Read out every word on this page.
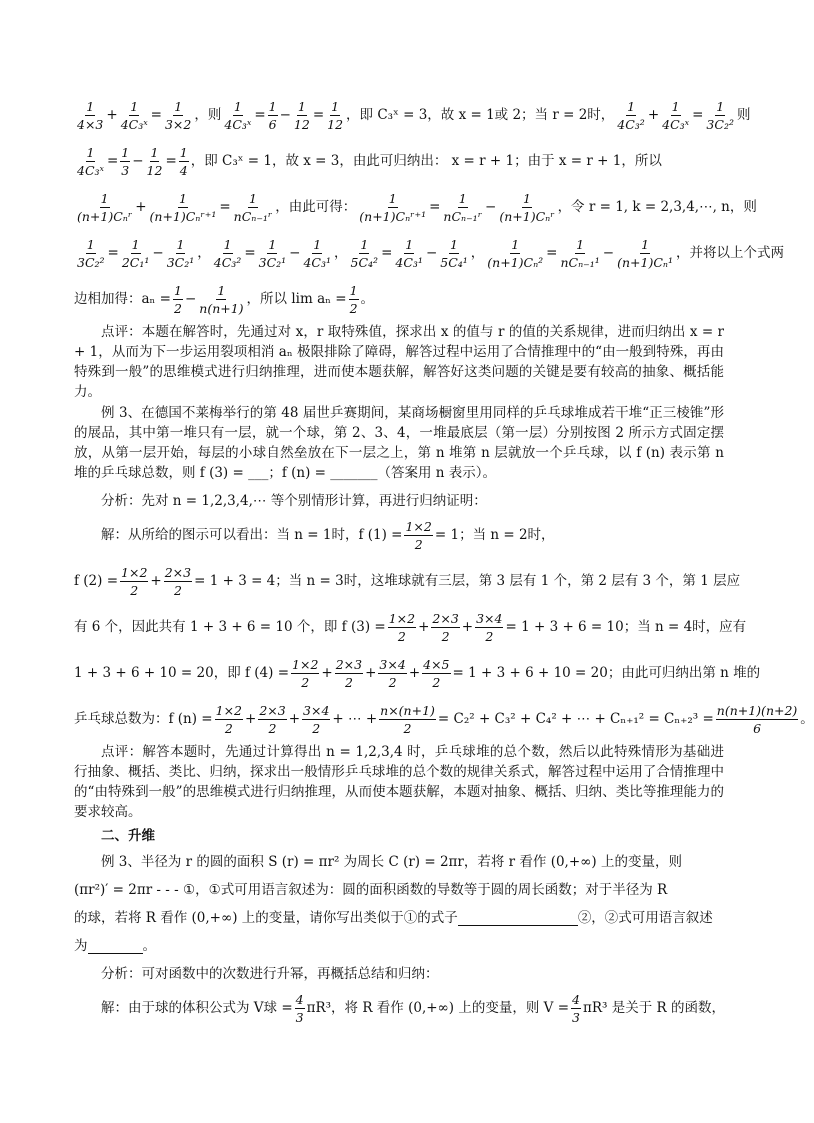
$\frac{1}{4\times 3} + \frac{1}{\text{4C₃ˣ}} = \frac{1}{3\times 2}$ ，则 $\frac{1}{\text{4C₃ˣ}} = \frac{1}{6} - \frac{1}{12} = \frac{1}{12}$ ，即 C₃ˣ = 3，故 x = 1或 2；当 r = 2时， $\frac{1}{\text{4C₃²}} + \frac{1}{\text{4C₃ˣ}} = \frac{1}{\text{3C₂²}}$ 则
$\frac{1}{\text{4C₃ˣ}} = \frac{1}{3} - \frac{1}{12} = \frac{1}{4}$ ，即 C₃ˣ = 1，故 x = 3，由此可归纳出： x = r + 1；由于 x = r + 1，所以
$\frac{1}{\text{(n+1)Cₙʳ}} + \frac{1}{\text{(n+1)Cₙʳ⁺¹}} = \frac{1}{\text{nCₙ₋₁ʳ}}$ ，由此可得： $\frac{1}{\text{(n+1)Cₙʳ⁺¹}} = \frac{1}{\text{nCₙ₋₁ʳ}} - \frac{1}{\text{(n+1)Cₙʳ}}$ ，令 r = 1, k = 2,3,4,⋯, n，则
$\frac{1}{\text{3C₂²}} = \frac{1}{\text{2C₁¹}} - \frac{1}{\text{3C₂¹}}$ ， $\frac{1}{\text{4C₃²}} = \frac{1}{\text{3C₂¹}} - \frac{1}{\text{4C₃¹}}$ ， $\frac{1}{\text{5C₄²}} = \frac{1}{\text{4C₃¹}} - \frac{1}{\text{5C₄¹}}$ ， $\frac{1}{\text{(n+1)Cₙ²}} = \frac{1}{\text{nCₙ₋₁¹}} - \frac{1}{\text{(n+1)Cₙ¹}}$ ，并将以上个式两
边相加得：$a_n = \frac{1}{2} - \frac{1}{n(n+1)}$ ，所以 $\lim a_n = \frac{1}{2}$ 。

点评：本题在解答时，先通过对 x，r 取特殊值，探求出 x 的值与 r 的值的关系规律，进而归纳出 x = r + 1，从而为下一步运用裂项相消 aₙ 极限排除了障碍，解答过程中运用了合情推理中的“由一般到特殊，再由特殊到一般”的思维模式进行归纳推理，进而使本题获解，解答好这类问题的关键是要有较高的抽象、概括能力。

例 3、在德国不莱梅举行的第 48 届世乒赛期间，某商场橱窗里用同样的乒乓球堆成若干堆“正三棱锥”形的展品，其中第一堆只有一层，就一个球，第 2、3、4，一堆最底层（第一层）分别按图 2 所示方式固定摆放，从第一层开始，每层的小球自然垒放在下一层之上，第 n 堆第 n 层就放一个乒乓球，以 f (n) 表示第 n 堆的乒乓球总数，则 f (3) = ___；f (n) = _______（答案用 n 表示）。

分析：先对 n = 1,2,3,4,⋯ 等个别情形计算，再进行归纳证明：

解：从所给的图示可以看出：当 n = 1时，f $(1) = \frac{1\times 2}{2} = 1$；当 n = 2时，
f $(2) = \frac{1\times 2}{2} + \frac{2\times 3}{2} = 1 + 3 = 4$；当 n = 3时，这堆球就有三层，第 3 层有 1 个，第 2 层有 3 个，第 1 层应
有 6 个，因此共有 1 + 3 + 6 = 10 个，即 f $(3) = \frac{1\times 2}{2} + \frac{2\times 3}{2} + \frac{3\times 4}{2} = 1 + 3 + 6 = 10$；当 n = 4时，应有
1 + 3 + 6 + 10 = 20，即 f $(4) = \frac{1\times 2}{2} + \frac{2\times 3}{2} + \frac{3\times 4}{2} + \frac{4\times 5}{2} = 1 + 3 + 6 + 10 = 20$；由此可归纳出第 n 堆的
乒乓球总数为：f $(n) = \frac{1\times 2}{2} + \frac{2\times 3}{2} + \frac{3\times 4}{2}$ + ⋯ + $\frac{n\times(n+1)}{2} = C_2^2 + C_3^2 + C_4^2$ + ⋯ + $C_{n+1}^2 = C_{n+2}^3 = \frac{n(n+1)(n+2)}{6}$ 。

点评：解答本题时，先通过计算得出 n = 1,2,3,4 时，乒乓球堆的总个数，然后以此特殊情形为基础进行抽象、概括、类比、归纳，探求出一般情形乒乓球堆的总个数的规律关系式，解答过程中运用了合情推理中的“由特殊到一般”的思维模式进行归纳推理，从而使本题获解，本题对抽象、概括、归纳、类比等推理能力的要求较高。

二、升维

例 3、半径为 r 的圆的面积 S (r) = πr² 为周长 C (r) = 2πr，若将 r 看作 (0,+∞) 上的变量，则

(πr²)′ = 2πr - - - ①，①式可用语言叙述为：圆的面积函数的导数等于圆的周长函数；对于半径为 R

的球，若将 R 看作 (0,+∞) 上的变量，请你写出类似于①的式子	②，②式可用语言叙述
为	。

分析：可对函数中的次数进行升幂，再概括总结和归纳：

解：由于球的体积公式为 V球 = $\frac{4}{3} \pi R^3$，将 R 看作 (0,+∞) 上的变量，则 $V = \frac{4}{3} \pi R^3$ 是关于 R 的函数，
